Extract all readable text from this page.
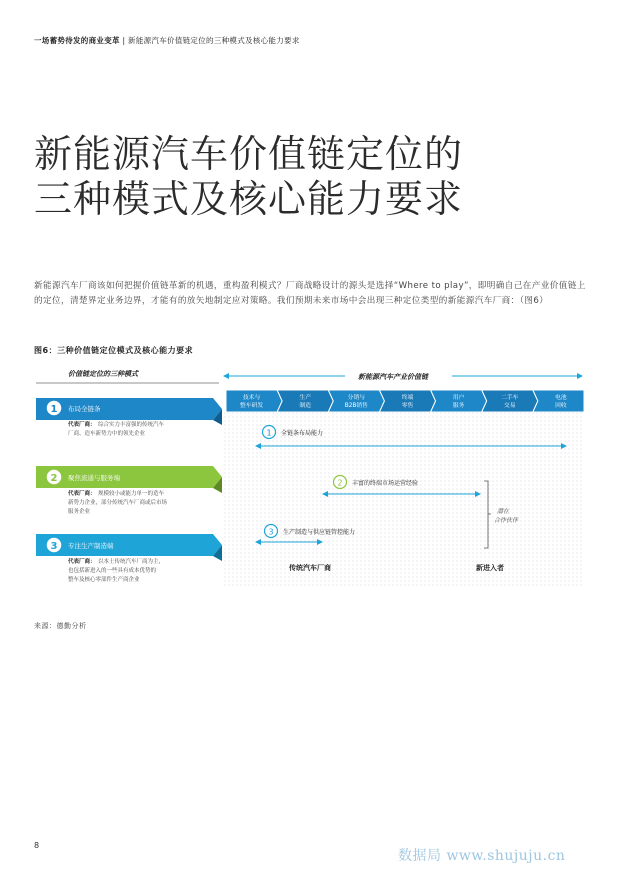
一场蓄势待发的商业变革 | 新能源汽车价值链定位的三种模式及核心能力要求
新能源汽车价值链定位的
三种模式及核心能力要求
新能源汽车厂商该如何把握价值链革新的机遇，重构盈利模式？厂商战略设计的源头是选择“Where to play”，即明确自己在产业价值链上的定位，清楚界定业务边界，才能有的放矢地制定应对策略。我们预期未来市场中会出现三种定位类型的新能源汽车厂商：（图6）
图6：三种价值链定位模式及核心能力要求
价值链定位的三种模式	新能源汽车产业价值链
技术与
整车研发
生产
制造
分销与
B2B销售
终端
零售
用户
服务
二手车
交易
电池
回收
1 布局全链条
代表厂商： 综合实力丰富强的传统汽车
厂商、造车新势力中的领先企业
2 聚焦流通与服务端
代表厂商： 规模较小或能力单一的造车
新势力企业，部分传统汽车厂商或后市场
服务企业
3 专注生产制造端
代表厂商： 以本土传统汽车厂商为主，
也包括新进入的一些具有成本优势的
整车及核心零部件生产商企业
1 全链条布局能力
2 丰富的终端市场运营经验
3 生产制造与供应链管控能力
潜在
合作伙伴
传统汽车厂商	新进入者
来源：德勤分析
8
数据局 www.shujuju.cn
